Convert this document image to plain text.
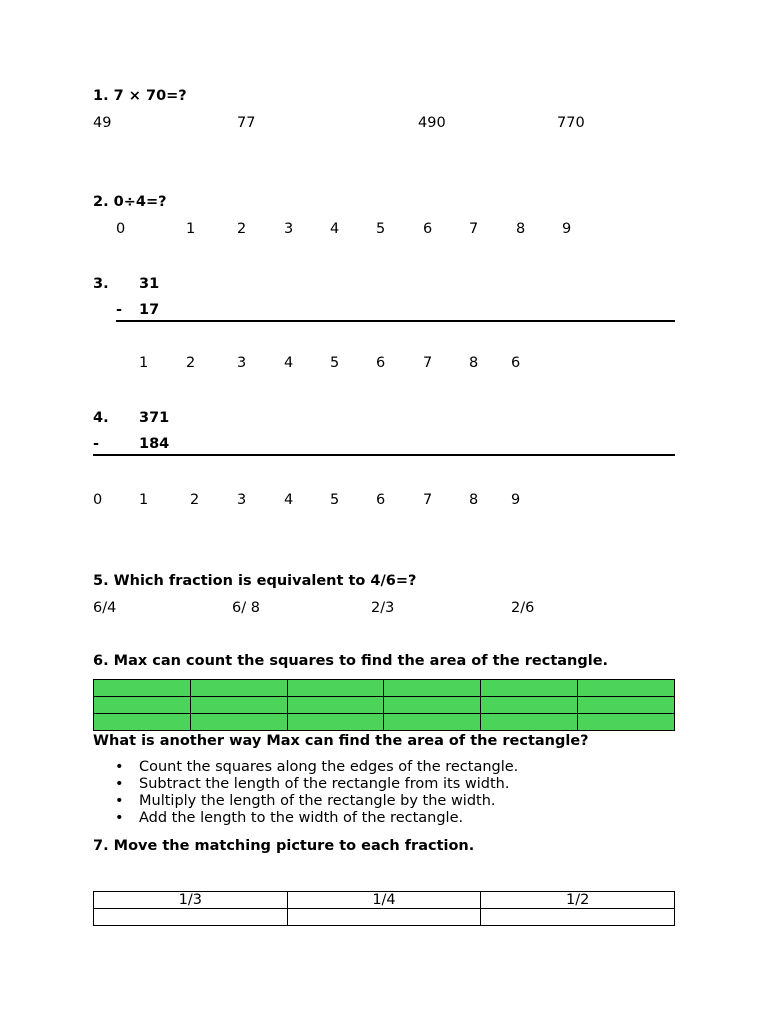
1. 7 × 70=?
49	77	490	770
2. 0÷4=?
0	1	2	3	4	5	6	7	8	9
3. 31
- 17
1	2	3	4	5	6	7	8 6
4. 371
-	184
0	1	2	3	4	5	6	7	8 9
5. Which fraction is equivalent to 4/6=?
6/4	6/ 8	2/3	2/6
6. Max can count the squares to find the area of the rectangle.

What is another way Max can find the area of the rectangle?
• Count the squares along the edges of the rectangle.
• Subtract the length of the rectangle from its width.
• Multiply the length of the rectangle by the width.
• Add the length to the width of the rectangle.
7. Move the matching picture to each fraction.
1/3	1/4	1/2
